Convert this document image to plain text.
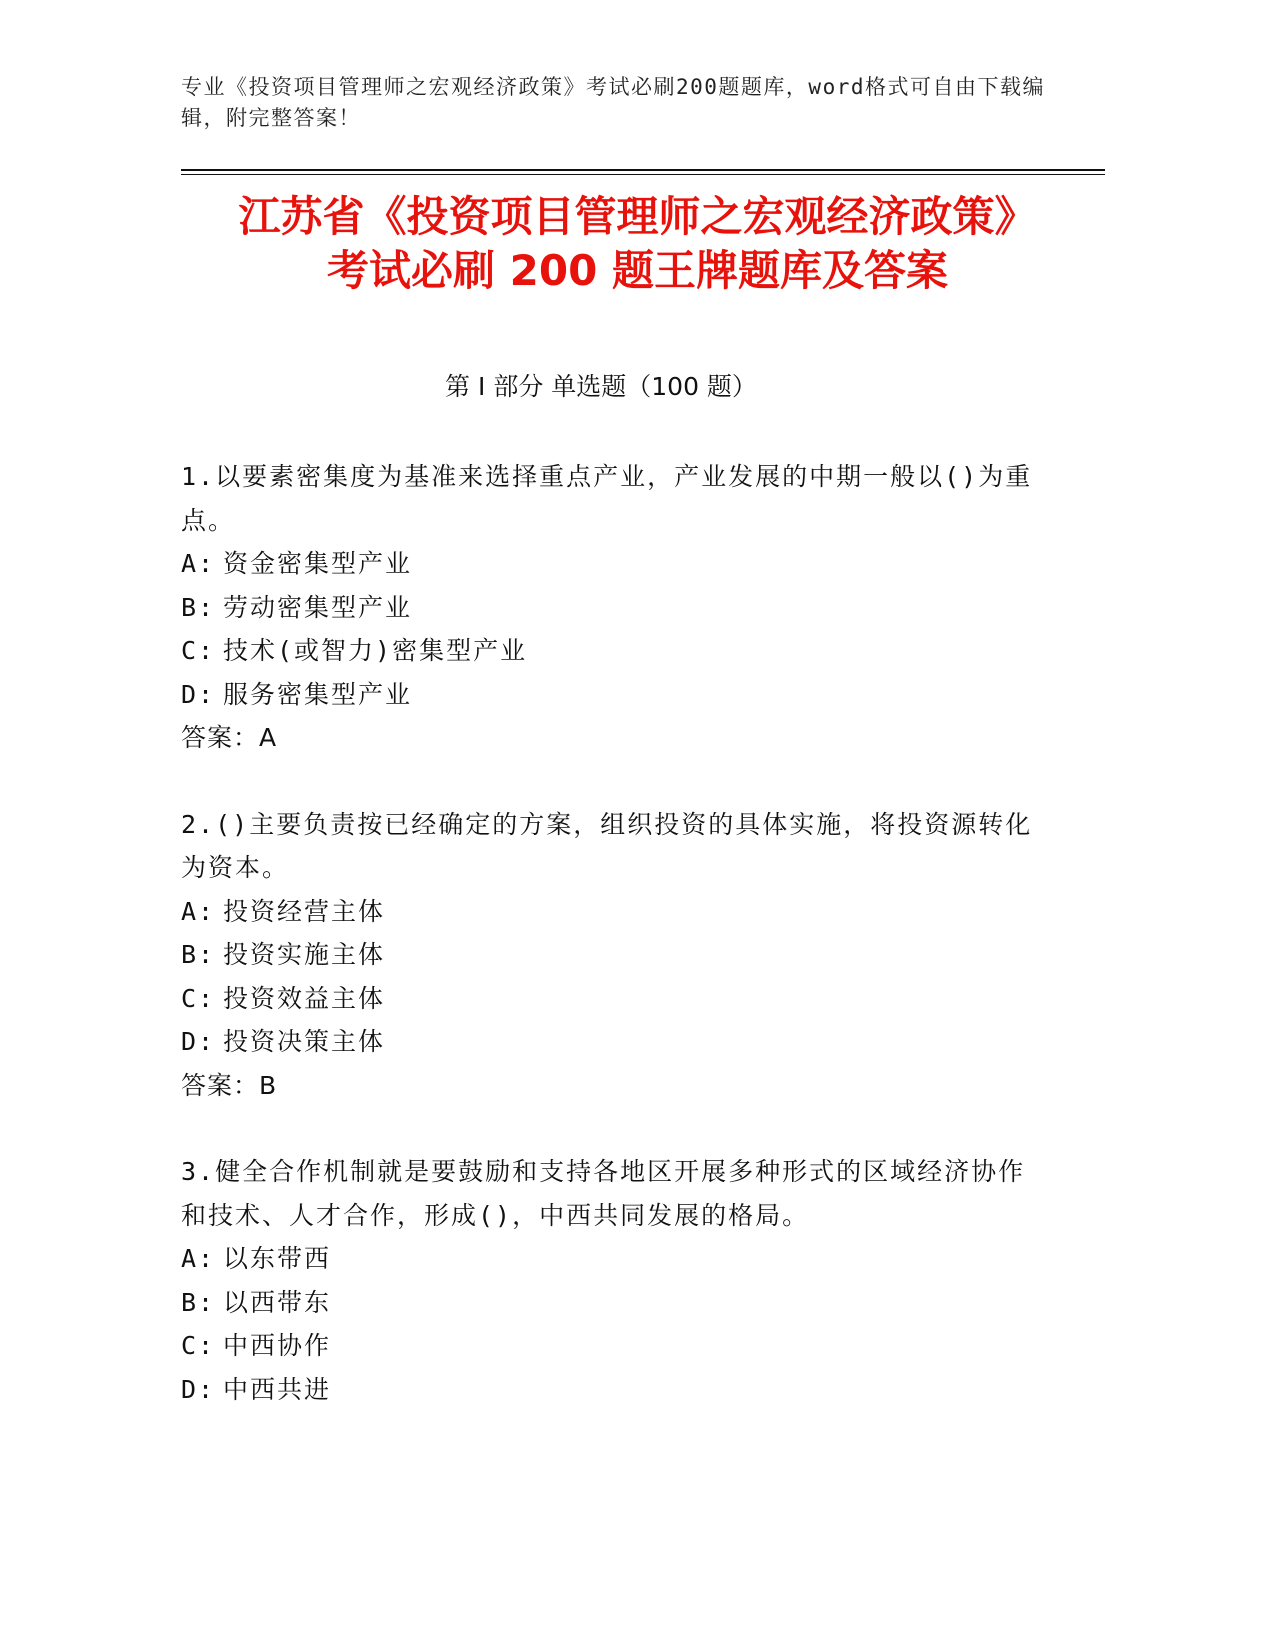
专业《投资项目管理师之宏观经济政策》考试必刷200题题库，word格式可自由下载编辑，附完整答案！
江苏省《投资项目管理师之宏观经济政策》
考试必刷 200 题王牌题库及答案
第 I 部分 单选题（100 题）

1.以要素密集度为基准来选择重点产业，产业发展的中期一般以()为重点。

A: 资金密集型产业

B: 劳动密集型产业

C: 技术(或智力)密集型产业

D: 服务密集型产业

答案：A

2.()主要负责按已经确定的方案，组织投资的具体实施，将投资源转化为资本。

A: 投资经营主体

B: 投资实施主体

C: 投资效益主体

D: 投资决策主体

答案：B

3.健全合作机制就是要鼓励和支持各地区开展多种形式的区域经济协作和技术、人才合作，形成()，中西共同发展的格局。

A: 以东带西

B: 以西带东

C: 中西协作

D: 中西共进
